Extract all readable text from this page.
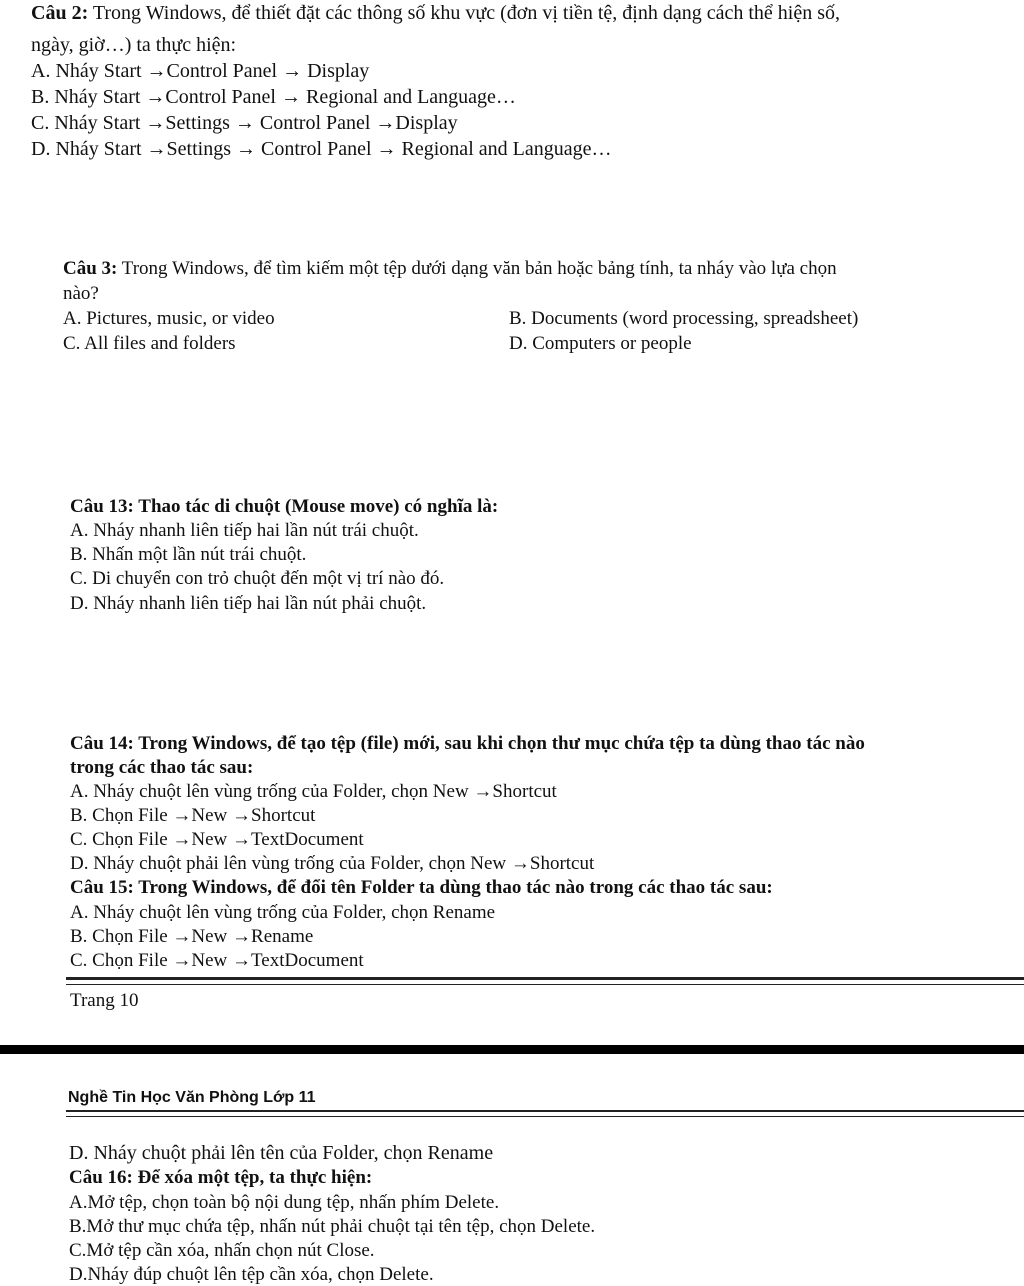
Câu 2: Trong Windows, để thiết đặt các thông số khu vực (đơn vị tiền tệ, định dạng cách thể hiện số,
ngày, giờ…) ta thực hiện:
A. Nháy Start →Control Panel → Display
B. Nháy Start →Control Panel → Regional and Language…
C. Nháy Start →Settings → Control Panel →Display
D. Nháy Start →Settings → Control Panel → Regional and Language…
Câu 3: Trong Windows, để tìm kiếm một tệp dưới dạng văn bản hoặc bảng tính, ta nháy vào lựa chọn
nào?
A. Pictures, music, or video	B. Documents (word processing, spreadsheet)
C. All files and folders	D. Computers or people
Câu 13: Thao tác di chuột (Mouse move) có nghĩa là:
A. Nháy nhanh liên tiếp hai lần nút trái chuột.
B. Nhấn một lần nút trái chuột.
C. Di chuyển con trỏ chuột đến một vị trí nào đó.
D. Nháy nhanh liên tiếp hai lần nút phải chuột.
Câu 14: Trong Windows, để tạo tệp (file) mới, sau khi chọn thư mục chứa tệp ta dùng thao tác nào
trong các thao tác sau:
A. Nháy chuột lên vùng trống của Folder, chọn New →Shortcut
B. Chọn File →New →Shortcut
C. Chọn File →New →TextDocument
D. Nháy chuột phải lên vùng trống của Folder, chọn New →Shortcut
Câu 15: Trong Windows, để đổi tên Folder ta dùng thao tác nào trong các thao tác sau:
A. Nháy chuột lên vùng trống của Folder, chọn Rename
B. Chọn File →New →Rename
C. Chọn File →New →TextDocument
Trang 10
Nghề Tin Học Văn Phòng Lớp 11
D. Nháy chuột phải lên tên của Folder, chọn Rename
Câu 16: Để xóa một tệp, ta thực hiện:
A.Mở tệp, chọn toàn bộ nội dung tệp, nhấn phím Delete.
B.Mở thư mục chứa tệp, nhấn nút phải chuột tại tên tệp, chọn Delete.
C.Mở tệp cần xóa, nhấn chọn nút Close.
D.Nháy đúp chuột lên tệp cần xóa, chọn Delete.
